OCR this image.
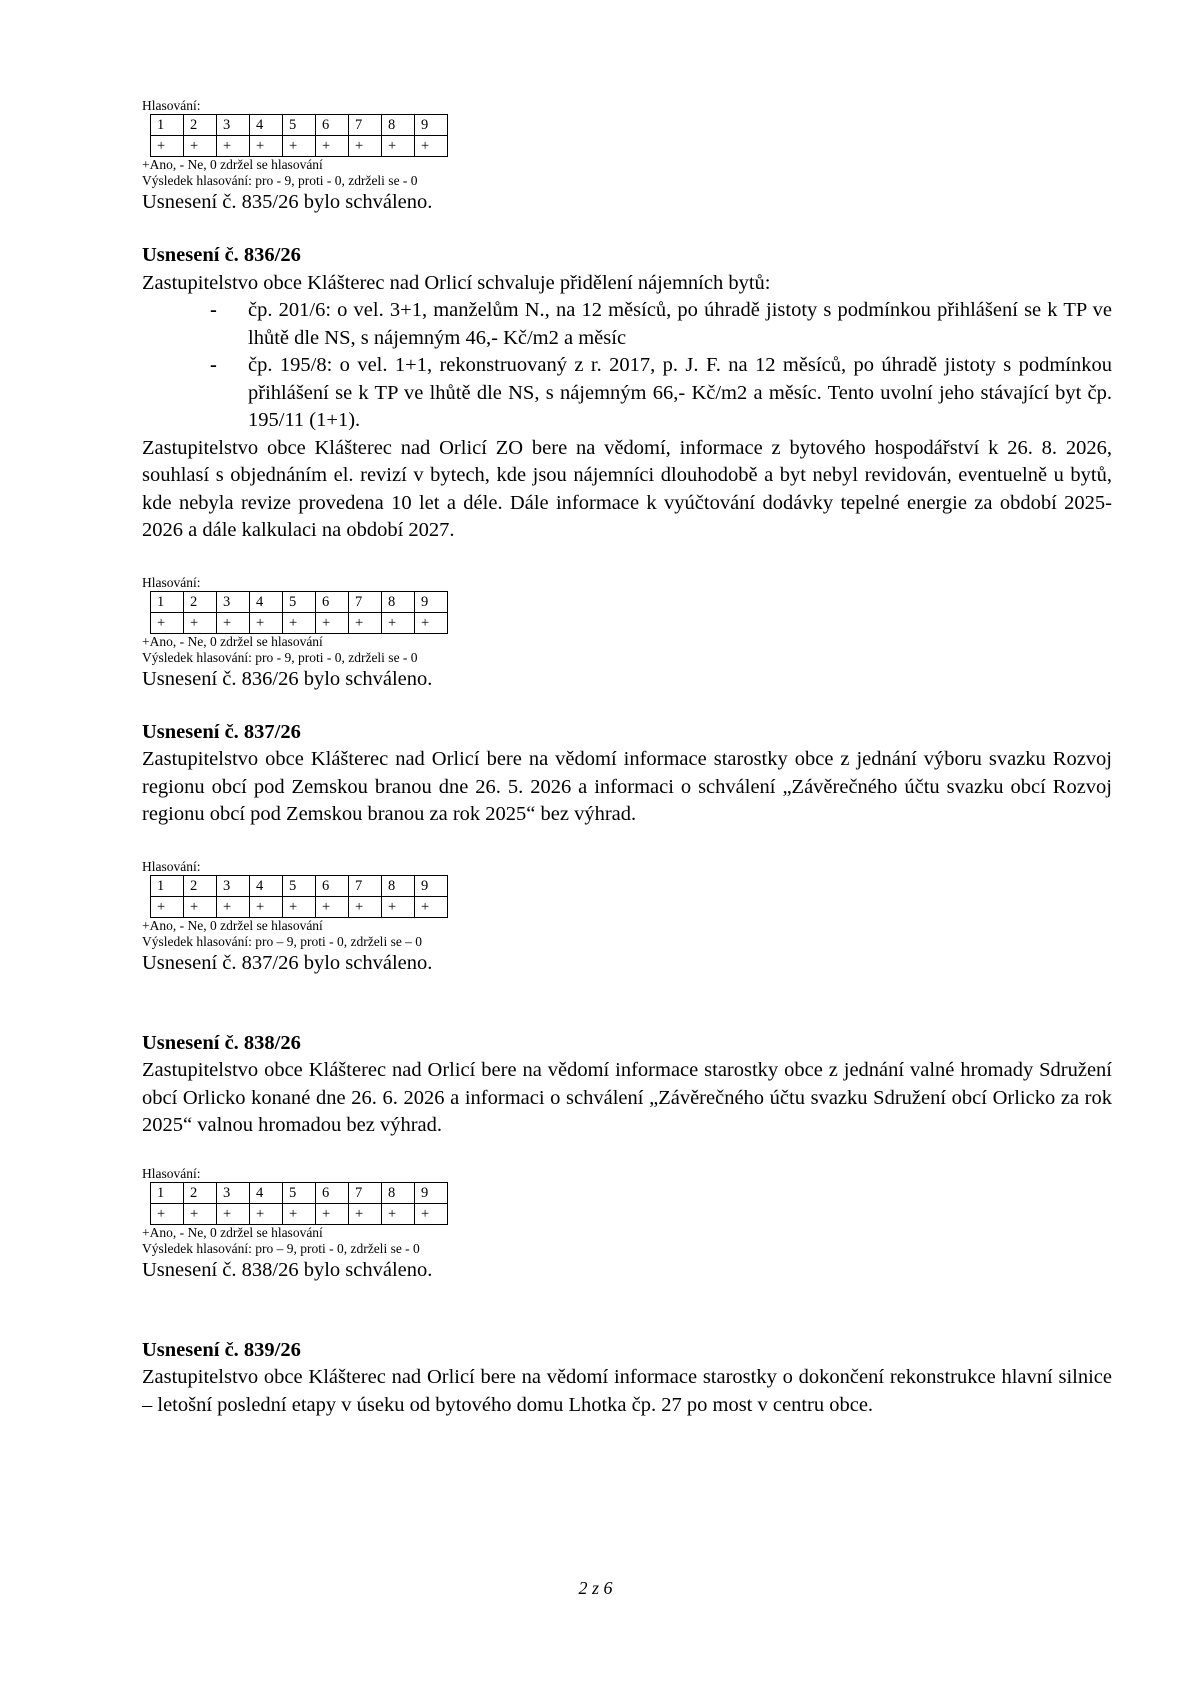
Hlasování:
1	2	3	4	5	6	7	8	9
+	+	+	+	+	+	+	+	+
+Ano, - Ne, 0 zdržel se hlasování
Výsledek hlasování: pro - 9, proti - 0, zdrželi se - 0
Usnesení č. 835/26 bylo schváleno.
Usnesení č. 836/26
Zastupitelstvo obce Klášterec nad Orlicí schvaluje přidělení nájemních bytů:
- čp. 201/6: o vel. 3+1, manželům N., na 12 měsíců, po úhradě jistoty s podmínkou přihlášení se k TP ve lhůtě dle NS, s nájemným 46,- Kč/m2 a měsíc
- čp. 195/8: o vel. 1+1, rekonstruovaný z r. 2017, p. J. F. na 12 měsíců, po úhradě jistoty s podmínkou přihlášení se k TP ve lhůtě dle NS, s nájemným 66,- Kč/m2 a měsíc. Tento uvolní jeho stávající byt čp. 195/11 (1+1).
Zastupitelstvo obce Klášterec nad Orlicí ZO bere na vědomí, informace z bytového hospodářství k 26. 8. 2026, souhlasí s objednáním el. revizí v bytech, kde jsou nájemníci dlouhodobě a byt nebyl revidován, eventuelně u bytů, kde nebyla revize provedena 10 let a déle. Dále informace k vyúčtování dodávky tepelné energie za období 2025-2026 a dále kalkulaci na období 2027.
Hlasování:
1	2	3	4	5	6	7	8	9
+	+	+	+	+	+	+	+	+
+Ano, - Ne, 0 zdržel se hlasování
Výsledek hlasování: pro - 9, proti - 0, zdrželi se - 0
Usnesení č. 836/26 bylo schváleno.
Usnesení č. 837/26
Zastupitelstvo obce Klášterec nad Orlicí bere na vědomí informace starostky obce z jednání výboru svazku Rozvoj regionu obcí pod Zemskou branou dne 26. 5. 2026 a informaci o schválení „Závěrečného účtu svazku obcí Rozvoj regionu obcí pod Zemskou branou za rok 2025“ bez výhrad.
Hlasování:
1	2	3	4	5	6	7	8	9
+	+	+	+	+	+	+	+	+
+Ano, - Ne, 0 zdržel se hlasování
Výsledek hlasování: pro – 9, proti - 0, zdrželi se – 0
Usnesení č. 837/26 bylo schváleno.
Usnesení č. 838/26
Zastupitelstvo obce Klášterec nad Orlicí bere na vědomí informace starostky obce z jednání valné hromady Sdružení obcí Orlicko konané dne 26. 6. 2026 a informaci o schválení „Závěrečného účtu svazku Sdružení obcí Orlicko za rok 2025“ valnou hromadou bez výhrad.
Hlasování:
1	2	3	4	5	6	7	8	9
+	+	+	+	+	+	+	+	+
+Ano, - Ne, 0 zdržel se hlasování
Výsledek hlasování: pro – 9, proti - 0, zdrželi se - 0
Usnesení č. 838/26 bylo schváleno.
Usnesení č. 839/26
Zastupitelstvo obce Klášterec nad Orlicí bere na vědomí informace starostky o dokončení rekonstrukce hlavní silnice – letošní poslední etapy v úseku od bytového domu Lhotka čp. 27 po most v centru obce.
2 z 6
